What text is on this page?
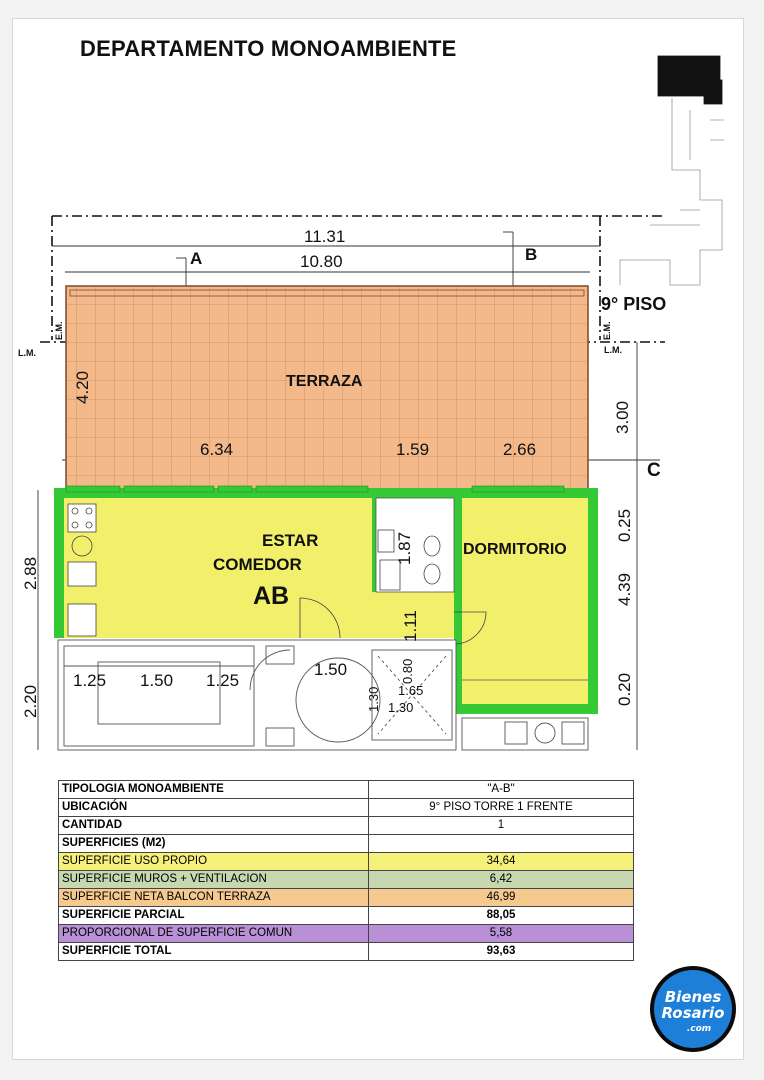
DEPARTAMENTO MONOAMBIENTE
11.31
10.80
A	B
C
9° PISO
L.M.	L.M.
E.M.	E.M.
TERRAZA
4.20
3.00
6.34	1.59	2.66
0.25
4.39
0.20
2.88
2.20
ESTAR
COMEDOR
AB
DORMITORIO
1.87
1.11
1.25 1.50 1.25
1.50	0.80
1.30 1.65
1.30
TIPOLOGIA MONOAMBIENTE	"A-B"
UBICACIÓN	9° PISO TORRE 1 FRENTE
CANTIDAD	1
SUPERFICIES (M2)	
SUPERFICIE USO PROPIO	34,64
SUPERFICIE MUROS + VENTILACION	6,42
SUPERFICIE NETA BALCON TERRAZA	46,99
SUPERFICIE PARCIAL	88,05
PROPORCIONAL DE SUPERFICIE COMUN	5,58
SUPERFICIE TOTAL	93,63
Bienes
Rosario
.com
